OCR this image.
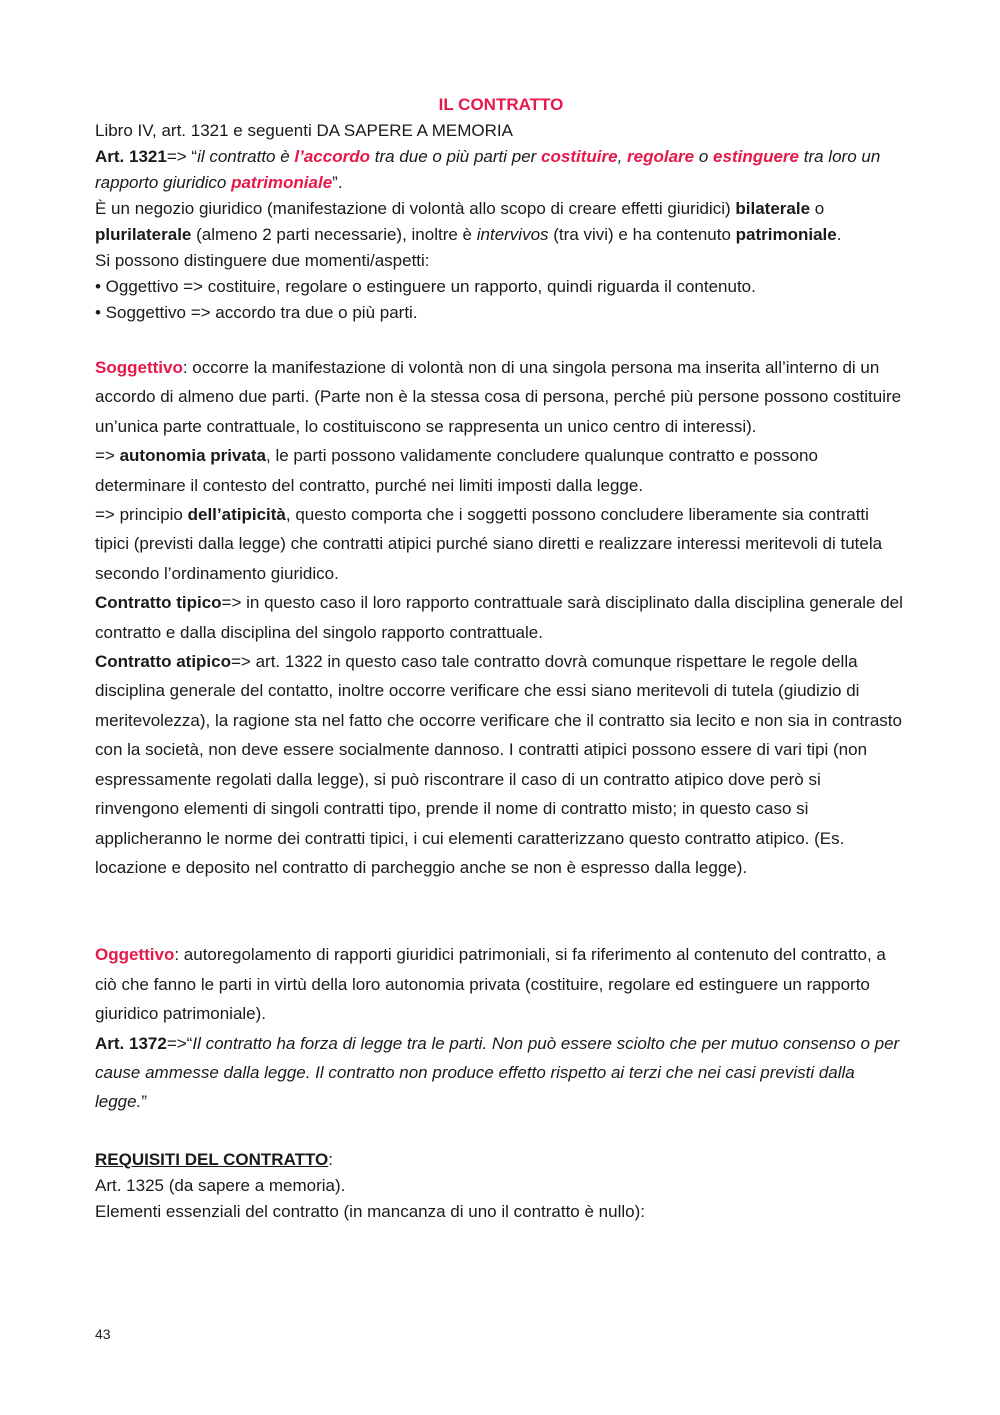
IL CONTRATTO

Libro IV, art. 1321 e seguenti DA SAPERE A MEMORIA

Art. 1321=> “il contratto è l’accordo tra due o più parti per costituire, regolare o estinguere tra loro un rapporto giuridico patrimoniale”.

È un negozio giuridico (manifestazione di volontà allo scopo di creare effetti giuridici) bilaterale o plurilaterale (almeno 2 parti necessarie), inoltre è intervivos (tra vivi) e ha contenuto patrimoniale.

Si possono distinguere due momenti/aspetti:

• Oggettivo => costituire, regolare o estinguere un rapporto, quindi riguarda il contenuto.

• Soggettivo => accordo tra due o più parti.

Soggettivo: occorre la manifestazione di volontà non di una singola persona ma inserita all’interno di un accordo di almeno due parti. (Parte non è la stessa cosa di persona, perché più persone possono costituire un’unica parte contrattuale, lo costituiscono se rappresenta un unico centro di interessi).

=> autonomia privata, le parti possono validamente concludere qualunque contratto e possono determinare il contesto del contratto, purché nei limiti imposti dalla legge.

=> principio dell’atipicità, questo comporta che i soggetti possono concludere liberamente sia contratti tipici (previsti dalla legge) che contratti atipici purché siano diretti e realizzare interessi meritevoli di tutela secondo l’ordinamento giuridico.

Contratto tipico=> in questo caso il loro rapporto contrattuale sarà disciplinato dalla disciplina generale del contratto e dalla disciplina del singolo rapporto contrattuale.

Contratto atipico=> art. 1322 in questo caso tale contratto dovrà comunque rispettare le regole della disciplina generale del contatto, inoltre occorre verificare che essi siano meritevoli di tutela (giudizio di meritevolezza), la ragione sta nel fatto che occorre verificare che il contratto sia lecito e non sia in contrasto con la società, non deve essere socialmente dannoso. I contratti atipici possono essere di vari tipi (non espressamente regolati dalla legge), si può riscontrare il caso di un contratto atipico dove però si rinvengono elementi di singoli contratti tipo, prende il nome di contratto misto; in questo caso si applicheranno le norme dei contratti tipici, i cui elementi caratterizzano questo contratto atipico. (Es. locazione e deposito nel contratto di parcheggio anche se non è espresso dalla legge).

Oggettivo: autoregolamento di rapporti giuridici patrimoniali, si fa riferimento al contenuto del contratto, a ciò che fanno le parti in virtù della loro autonomia privata (costituire, regolare ed estinguere un rapporto giuridico patrimoniale).

Art. 1372=>“Il contratto ha forza di legge tra le parti. Non può essere sciolto che per mutuo consenso o per cause ammesse dalla legge. Il contratto non produce effetto rispetto ai terzi che nei casi previsti dalla legge.”

REQUISITI DEL CONTRATTO:

Art. 1325 (da sapere a memoria).

Elementi essenziali del contratto (in mancanza di uno il contratto è nullo):

43
